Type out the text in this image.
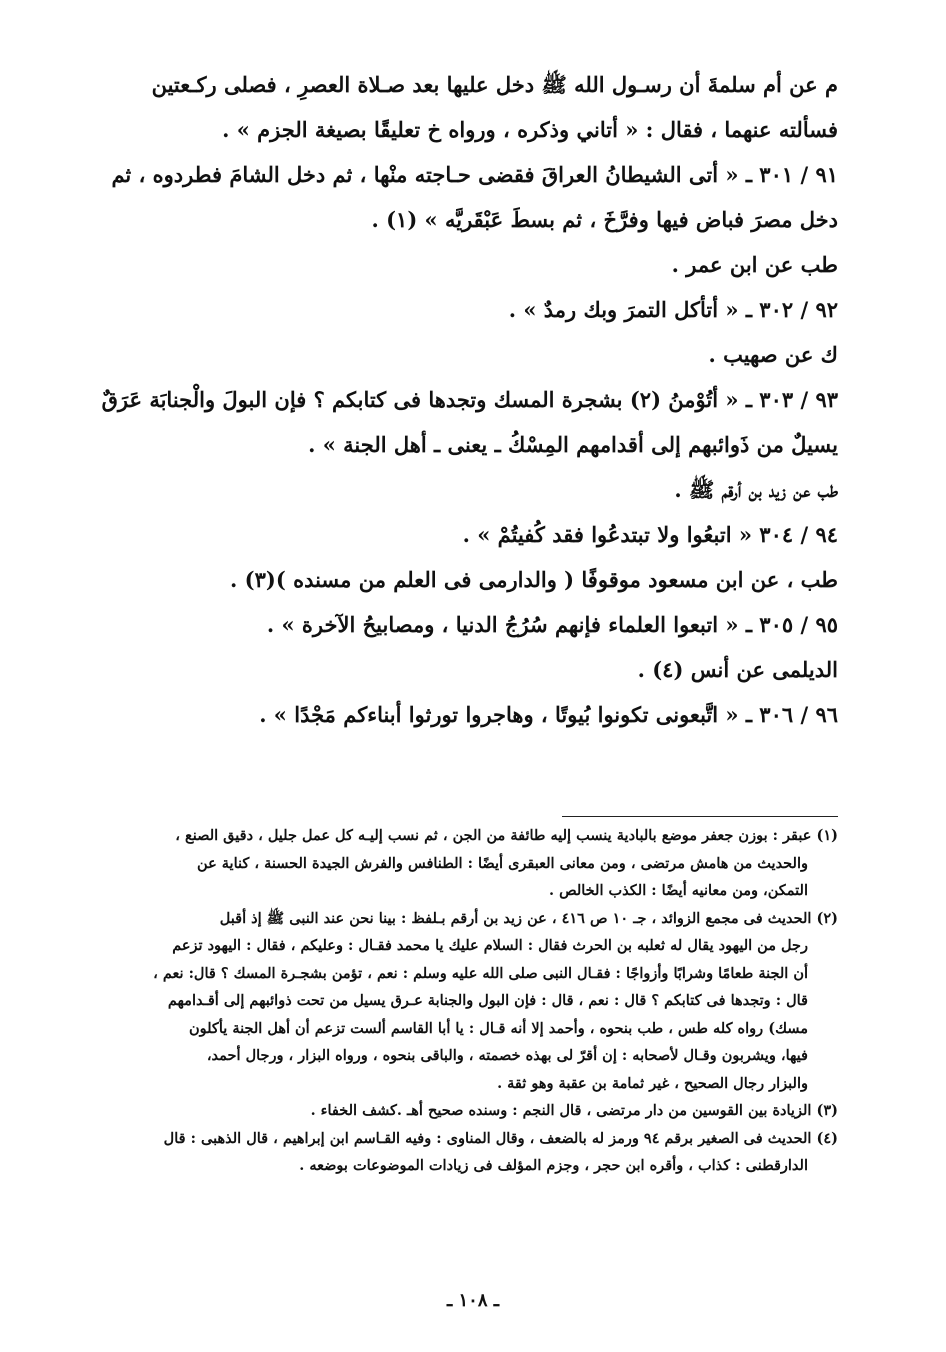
م عن أم سلمةَ أن رسـول الله ﷺ دخل عليها بعد صـلاة العصرِ ، فصلى ركـعتين

فسألته عنهما ، فقال : « أتاني وذكره ، ورواه خ تعليقًا بصيغة الجزم » .

٩١ / ٣٠١ ـ « أتى الشيطانُ العراقَ فقضى حـاجته منْها ، ثم دخل الشامَ فطردوه ، ثم

دخل مصرَ فباض فيها وفرَّخَ ، ثم بسطَ عَبْقَريَّه » (١) .

طب عن ابن عمر .

٩٢ / ٣٠٢ ـ « أتأكل التمرَ وبك رمدٌ » .

ك عن صهيب .

٩٣ / ٣٠٣ ـ « أتُوْمنُ (٢) بشجرة المسك وتجدها فى كتابكم ؟ فإن البولَ والْجنابَة عَرَقٌ

يسيلٌ من ذَوائبهم إلى أقدامهم المِسْكُ ـ يعنى ـ أهل الجنة » .

طب عن زيد بن أرقم ﷺ .

٩٤ / ٣٠٤ « اتبعُوا ولا تبتدعُوا فقد كُفيتُمْ » .

طب ، عن ابن مسعود موقوفًا ( والدارمى فى العلم من مسنده )(٣) .

٩٥ / ٣٠٥ ـ « اتبعوا العلماء فإنهم سُرُجُ الدنيا ، ومصابيحُ الآخرة » .

الديلمى عن أنس (٤) .

٩٦ / ٣٠٦ ـ « اتَّبعونى تكونوا بُيوتًا ، وهاجروا تورثوا أبناءكم مَجْدًا » .

(١) عبقر : بوزن جعفر موضع بالبادية ينسب إليه طائفة من الجن ، ثم نسب إليـه كل عمل جليل ، دقيق الصنع ،

والحديث من هامش مرتضى ، ومن معانى العبقرى أيضًا : الطنافس والفرش الجيدة الحسنة ، كناية عن

التمكن، ومن معانيه أيضًا : الكذب الخالص .

(٢) الحديث فى مجمع الزوائد ، جـ ١٠ ص ٤١٦ ، عن زيد بن أرقم بـلفظ : بينا نحن عند النبى ﷺ إذ أقبل

رجل من اليهود يقال له ثعلبه بن الحرث فقال : السلام عليك يا محمد فقـال : وعليكم ، فقال : اليهود تزعم

أن الجنة طعامًا وشرابًا وأزواجًا : فقـال النبى صلى الله عليه وسلم : نعم ، تؤمن بشجـرة المسك ؟ قال: نعم ،

قال : وتجدها فى كتابكم ؟ قال : نعم ، قال : فإن البول والجنابة عـرق يسيل من تحت ذوائبهم إلى أقـدامهم

مسك) رواه كله طس ، طب بنحوه ، وأحمد إلا أنه قـال : يا أبا القاسم ألست تزعم أن أهل الجنة يأكلون

فيها، ويشربون وقـال لأصحابه : إن أقرّ لى بهذه خصمته ، والباقى بنحوه ، ورواه البزار ، ورجال أحمد،

والبزار رجال الصحيح ، غير ثمامة بن عقبة وهو ثقة .

(٣) الزيادة بين القوسين من دار مرتضى ، قال النجم : وسنده صحيح أهـ .كشف الخفاء .

(٤) الحديث فى الصغير برقم ٩٤ ورمز له بالضعف ، وقال المناوى : وفيه القـاسم ابن إبراهيم ، قال الذهبى : قال

الدارقطنى : كذاب ، وأقره ابن حجر ، وجزم المؤلف فى زيادات الموضوعات بوضعه .

ـ ١٠٨ ـ
